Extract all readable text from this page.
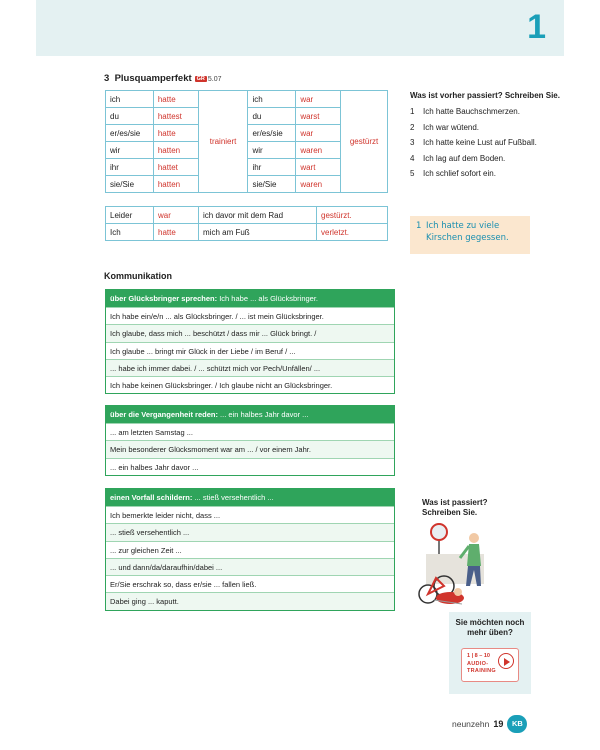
1
3 Plusquamperfekt GR 5.07
ich	hatte	trainiert	ich	war	gestürzt
du	hattest		du	warst	
er/es/sie	hatte		er/es/sie	war	
wir	hatten		wir	waren	
ihr	hattet		ihr	wart	
sie/Sie	hatten		sie/Sie	waren	
Leider	war	ich davor mit dem Rad	gestürzt.
Ich	hatte	mich am Fuß	verletzt.
Was ist vorher passiert? Schreiben Sie.
1	Ich hatte Bauchschmerzen.
2	Ich war wütend.
3	Ich hatte keine Lust auf Fußball.
4	Ich lag auf dem Boden.
5	Ich schlief sofort ein.
1 Ich hatte zu viele
Kirschen gegessen.
Kommunikation
über Glücksbringer sprechen: Ich habe ... als Glücksbringer.
Ich habe ein/e/n ... als Glücksbringer. / ... ist mein Glücksbringer.
Ich glaube, dass mich ... beschützt / dass mir ... Glück bringt. /
Ich glaube ... bringt mir Glück in der Liebe / im Beruf / ...
... habe ich immer dabei. / ... schützt mich vor Pech/Unfällen/ ...
Ich habe keinen Glücksbringer. / Ich glaube nicht an Glücksbringer.
über die Vergangenheit reden: ... ein halbes Jahr davor ...
... am letzten Samstag ...
Mein besonderer Glücksmoment war am ... / vor einem Jahr.
... ein halbes Jahr davor ...
einen Vorfall schildern: ... stieß versehentlich ...
Ich bemerkte leider nicht, dass ...
... stieß versehentlich ...
... zur gleichen Zeit ...
... und dann/da/daraufhin/dabei ...
Er/Sie erschrak so, dass er/sie ... fallen ließ.
Dabei ging ... kaputt.
Was ist passiert? Schreiben Sie.
Sie möchten noch mehr üben?
1 | 8 – 10
AUDIO-
TRAINING
neunzehn 19	KB
